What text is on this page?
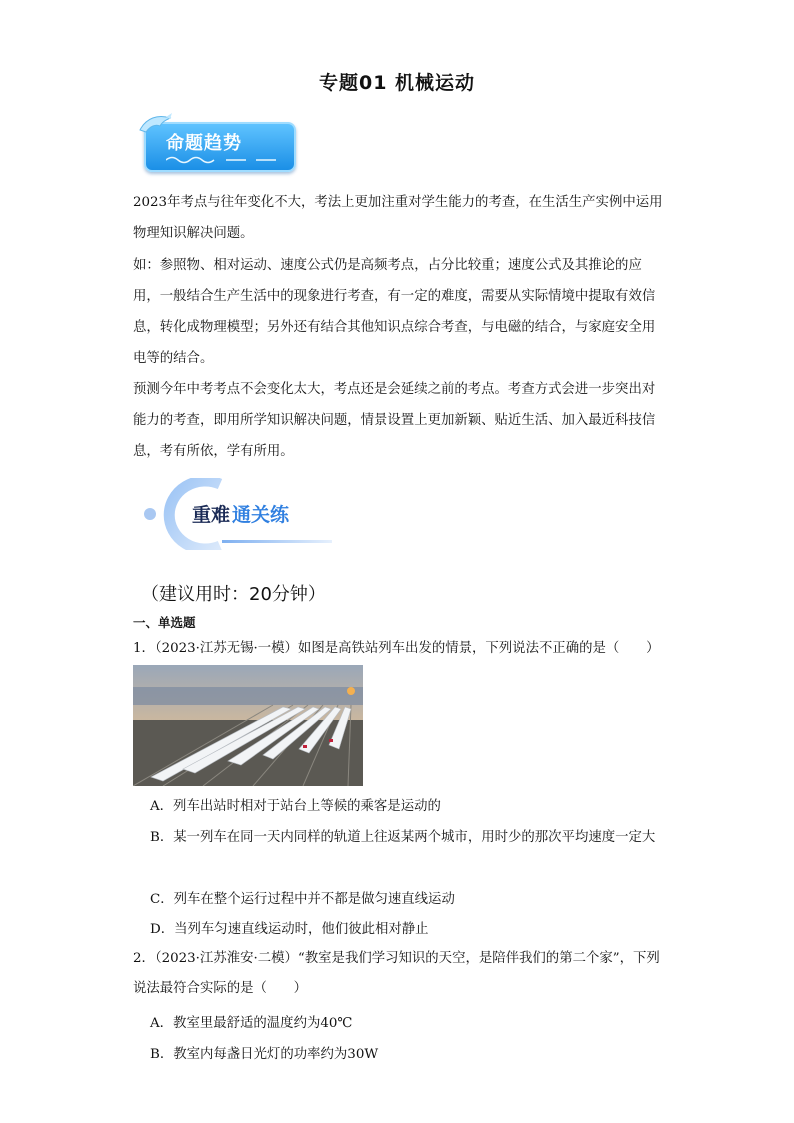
专题01 机械运动
命题趋势
2023年考点与往年变化不大，考法上更加注重对学生能力的考查，在生活生产实例中运用物理知识解决问题。
如：参照物、相对运动、速度公式仍是高频考点，占分比较重；速度公式及其推论的应用，一般结合生产生活中的现象进行考查，有一定的难度，需要从实际情境中提取有效信息，转化成物理模型；另外还有结合其他知识点综合考查，与电磁的结合，与家庭安全用电等的结合。
预测今年中考考点不会变化太大，考点还是会延续之前的考点。考查方式会进一步突出对能力的考查，即用所学知识解决问题，情景设置上更加新颖、贴近生活、加入最近科技信息，考有所依，学有所用。
重难 通关练
（建议用时：20分钟）
一、单选题
1．（2023·江苏无锡·一模）如图是高铁站列车出发的情景，下列说法不正确的是（　　）
A．列车出站时相对于站台上等候的乘客是运动的
B．某一列车在同一天内同样的轨道上往返某两个城市，用时少的那次平均速度一定大
C．列车在整个运行过程中并不都是做匀速直线运动
D．当列车匀速直线运动时，他们彼此相对静止
2．（2023·江苏淮安·二模）“教室是我们学习知识的天空，是陪伴我们的第二个家”，下列说法最符合实际的是（　　）
A．教室里最舒适的温度约为40℃
B．教室内每盏日光灯的功率约为30W
